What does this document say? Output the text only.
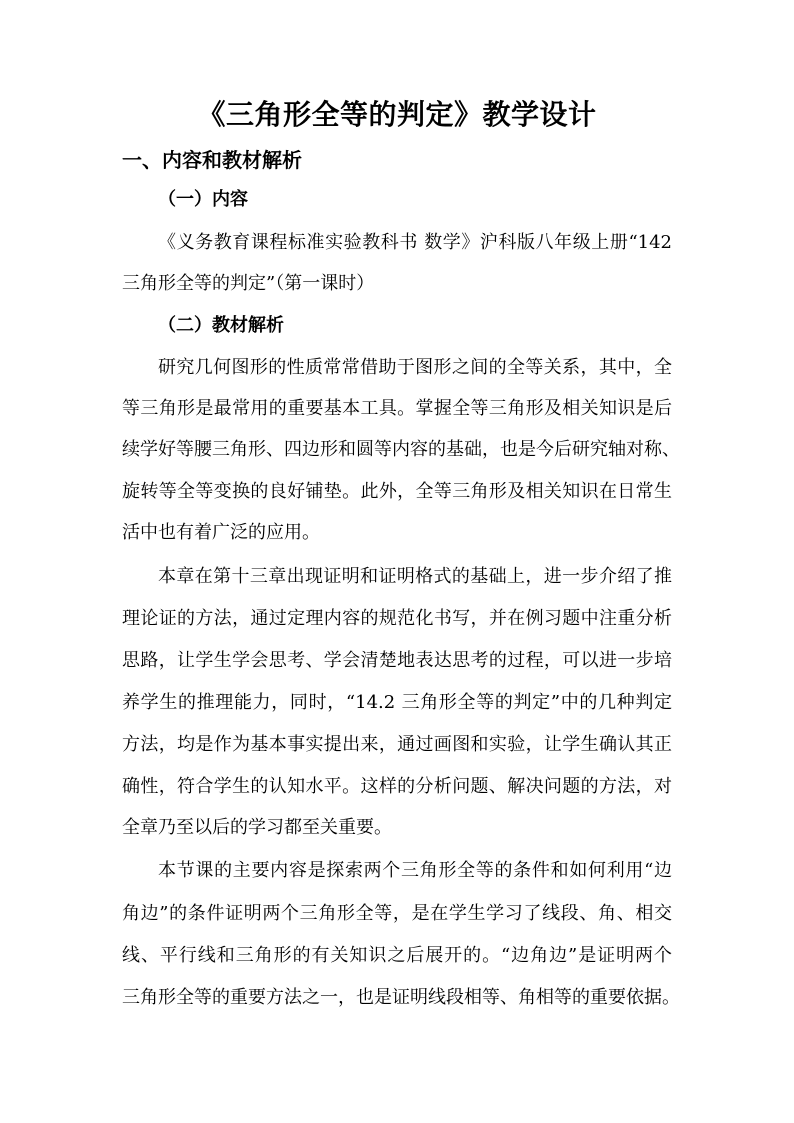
《三角形全等的判定》教学设计
一、内容和教材解析
（一）内容
《义务教育课程标准实验教科书 数学》沪科版八年级上册“142
三角形全等的判定”（第一课时）
（二）教材解析
研究几何图形的性质常常借助于图形之间的全等关系，其中，全
等三角形是最常用的重要基本工具。掌握全等三角形及相关知识是后
续学好等腰三角形、四边形和圆等内容的基础，也是今后研究轴对称、
旋转等全等变换的良好铺垫。此外，全等三角形及相关知识在日常生
活中也有着广泛的应用。
本章在第十三章出现证明和证明格式的基础上，进一步介绍了推
理论证的方法，通过定理内容的规范化书写，并在例习题中注重分析
思路，让学生学会思考、学会清楚地表达思考的过程，可以进一步培
养学生的推理能力，同时，“14.2 三角形全等的判定”中的几种判定
方法，均是作为基本事实提出来，通过画图和实验，让学生确认其正
确性，符合学生的认知水平。这样的分析问题、解决问题的方法，对
全章乃至以后的学习都至关重要。
本节课的主要内容是探索两个三角形全等的条件和如何利用“边
角边”的条件证明两个三角形全等，是在学生学习了线段、角、相交
线、平行线和三角形的有关知识之后展开的。“边角边”是证明两个
三角形全等的重要方法之一，也是证明线段相等、角相等的重要依据。
